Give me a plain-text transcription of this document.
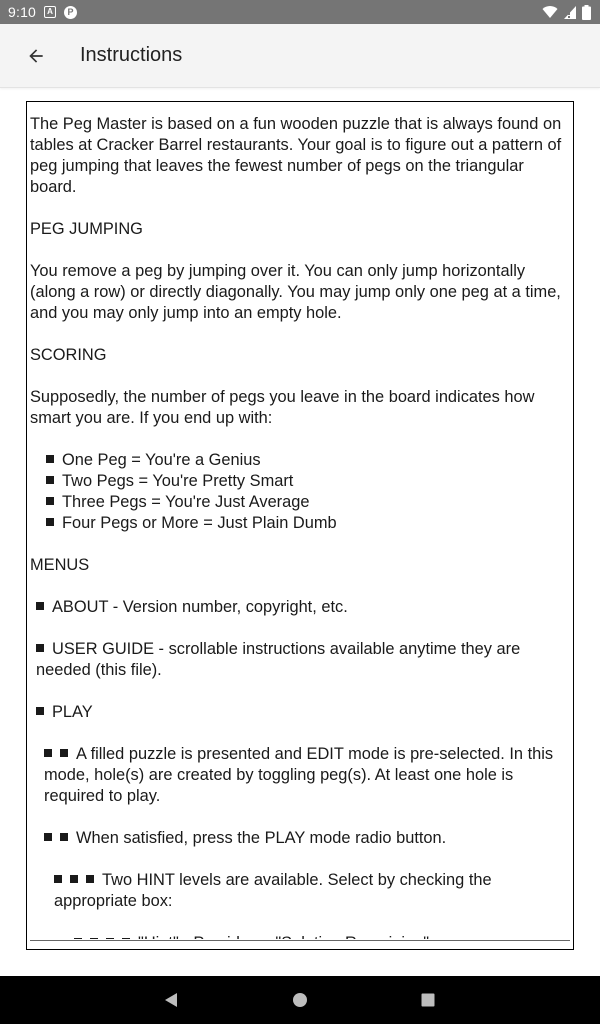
9:10	A	P
Instructions

The Peg Master is based on a fun wooden puzzle that is always found on tables at Cracker Barrel restaurants. Your goal is to figure out a pattern of peg jumping that leaves the fewest number of pegs on the triangular board.

PEG JUMPING

You remove a peg by jumping over it. You can only jump horizontally (along a row) or directly diagonally. You may jump only one peg at a time, and you may only jump into an empty hole.

SCORING

Supposedly, the number of pegs you leave in the board indicates how smart you are. If you end up with:

One Peg = You're a Genius
Two Pegs = You're Pretty Smart
Three Pegs = You're Just Average
Four Pegs or More = Just Plain Dumb

MENUS

ABOUT - Version number, copyright, etc.

USER GUIDE - scrollable instructions available anytime they are needed (this file).

PLAY

A filled puzzle is presented and EDIT mode is pre-selected. In this mode, hole(s) are created by toggling peg(s). At least one hole is required to play.

When satisfied, press the PLAY mode radio button.

Two HINT levels are available. Select by checking the appropriate box:
